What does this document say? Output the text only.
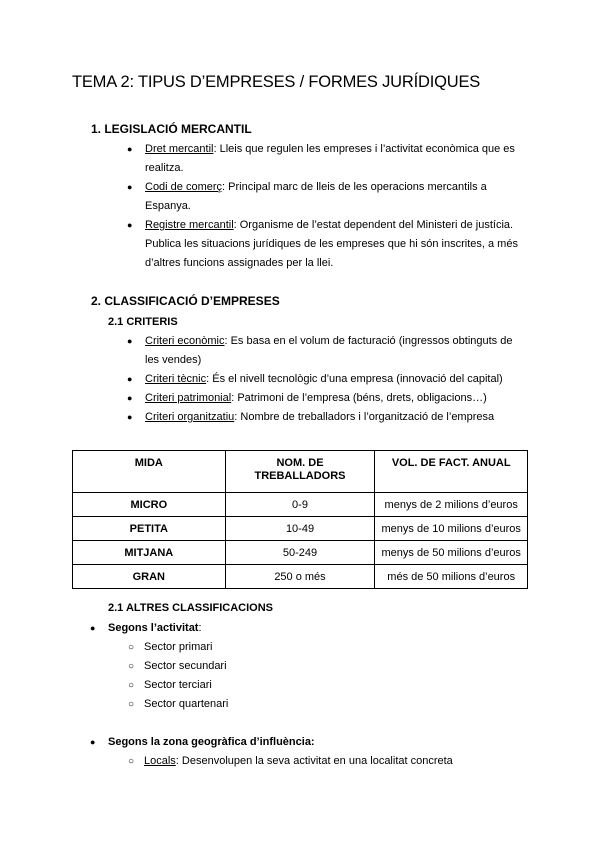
TEMA 2: TIPUS D’EMPRESES / FORMES JURÍDIQUES
1. LEGISLACIÓ MERCANTIL
● Dret mercantil: Lleis que regulen les empreses i l’activitat econòmica que es
realitza.
● Codi de comerç: Principal marc de lleis de les operacions mercantils a
Espanya.
● Registre mercantil: Organisme de l’estat dependent del Ministeri de justícia.
Publica les situacions jurídiques de les empreses que hi són inscrites, a més
d’altres funcions assignades per la llei.
2. CLASSIFICACIÓ D’EMPRESES
2.1 CRITERIS
● Criteri econòmic: Es basa en el volum de facturació (ingressos obtinguts de
les vendes)
● Criteri tècnic: És el nivell tecnològic d’una empresa (innovació del capital)
● Criteri patrimonial: Patrimoni de l’empresa (béns, drets, obligacions…)
● Criteri organitzatiu: Nombre de treballadors i l’organització de l’empresa
MIDA	NOM. DE TREBALLADORS	VOL. DE FACT. ANUAL
MICRO	0-9	menys de 2 milions d’euros
PETITA	10-49	menys de 10 milions d’euros
MITJANA	50-249	menys de 50 milions d’euros
GRAN	250 o més	més de 50 milions d’euros
2.1 ALTRES CLASSIFICACIONS
● Segons l’activitat:
○ Sector primari
○ Sector secundari
○ Sector terciari
○ Sector quartenari
● Segons la zona geogràfica d’influència:
○ Locals: Desenvolupen la seva activitat en una localitat concreta
